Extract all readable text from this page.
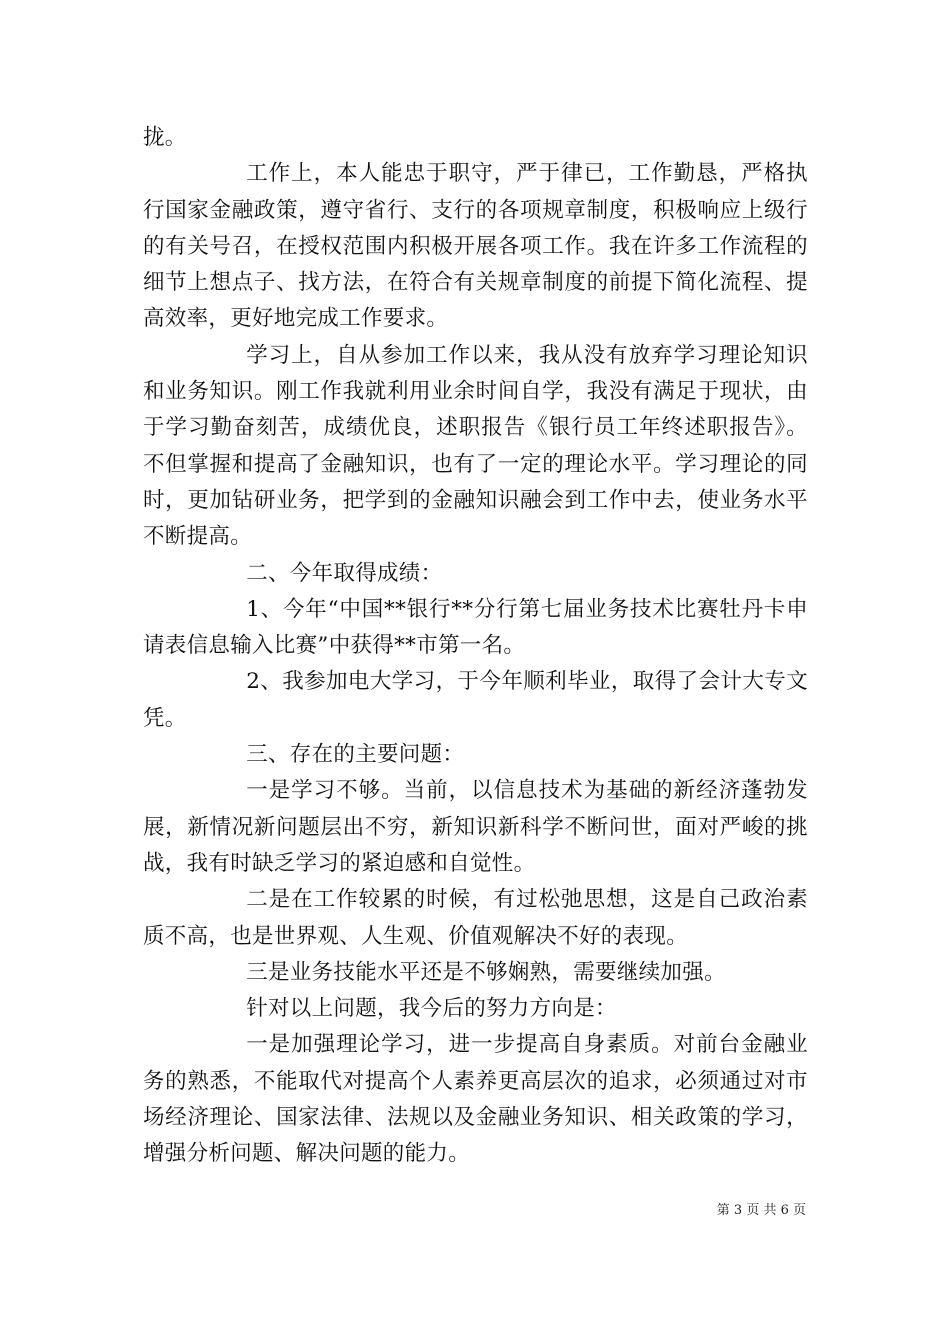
拢。

工作上，本人能忠于职守，严于律已，工作勤恳，严格执行国家金融政策，遵守省行、支行的各项规章制度，积极响应上级行的有关号召，在授权范围内积极开展各项工作。我在许多工作流程的细节上想点子、找方法，在符合有关规章制度的前提下简化流程、提高效率，更好地完成工作要求。

学习上，自从参加工作以来，我从没有放弃学习理论知识和业务知识。刚工作我就利用业余时间自学，我没有满足于现状，由于学习勤奋刻苦，成绩优良，述职报告《银行员工年终述职报告》。不但掌握和提高了金融知识，也有了一定的理论水平。学习理论的同时，更加钻研业务，把学到的金融知识融会到工作中去，使业务水平不断提高。

二、今年取得成绩：

1、今年“中国**银行**分行第七届业务技术比赛牡丹卡申请表信息输入比赛”中获得**市第一名。

2、我参加电大学习，于今年顺利毕业，取得了会计大专文凭。

三、存在的主要问题：

一是学习不够。当前，以信息技术为基础的新经济蓬勃发展，新情况新问题层出不穷，新知识新科学不断问世，面对严峻的挑战，我有时缺乏学习的紧迫感和自觉性。

二是在工作较累的时候，有过松弛思想，这是自己政治素质不高，也是世界观、人生观、价值观解决不好的表现。

三是业务技能水平还是不够娴熟，需要继续加强。

针对以上问题，我今后的努力方向是：

一是加强理论学习，进一步提高自身素质。对前台金融业务的熟悉，不能取代对提高个人素养更高层次的追求，必须通过对市场经济理论、国家法律、法规以及金融业务知识、相关政策的学习，增强分析问题、解决问题的能力。

第 3 页 共 6 页
